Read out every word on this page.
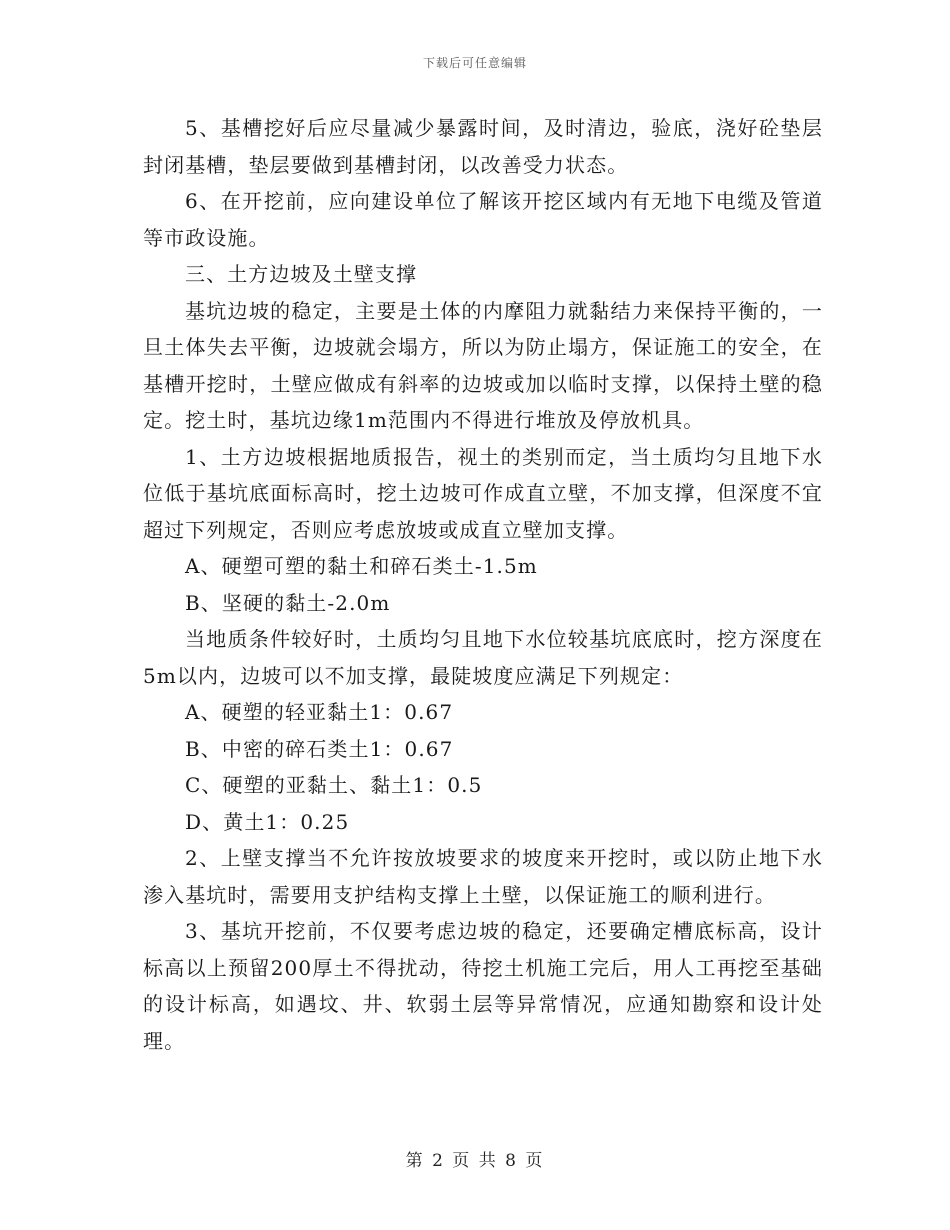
下载后可任意编辑

5、基槽挖好后应尽量减少暴露时间，及时清边，验底，浇好砼垫层封闭基槽，垫层要做到基槽封闭，以改善受力状态。

6、在开挖前，应向建设单位了解该开挖区域内有无地下电缆及管道等市政设施。

三、土方边坡及土壁支撑

基坑边坡的稳定，主要是土体的内摩阻力就黏结力来保持平衡的，一旦土体失去平衡，边坡就会塌方，所以为防止塌方，保证施工的安全，在基槽开挖时，土壁应做成有斜率的边坡或加以临时支撑，以保持土壁的稳定。挖土时，基坑边缘1m范围内不得进行堆放及停放机具。

1、土方边坡根据地质报告，视土的类别而定，当土质均匀且地下水位低于基坑底面标高时，挖土边坡可作成直立壁，不加支撑，但深度不宜超过下列规定，否则应考虑放坡或成直立壁加支撑。

A、硬塑可塑的黏土和碎石类土-1.5m

B、坚硬的黏土-2.0m

当地质条件较好时，土质均匀且地下水位较基坑底底时，挖方深度在5m以内，边坡可以不加支撑，最陡坡度应满足下列规定：

A、硬塑的轻亚黏土1：0.67

B、中密的碎石类土1：0.67

C、硬塑的亚黏土、黏土1：0.5

D、黄土1：0.25

2、上壁支撑当不允许按放坡要求的坡度来开挖时，或以防止地下水渗入基坑时，需要用支护结构支撑上土壁，以保证施工的顺利进行。

3、基坑开挖前，不仅要考虑边坡的稳定，还要确定槽底标高，设计标高以上预留200厚土不得扰动，待挖土机施工完后，用人工再挖至基础的设计标高，如遇坟、井、软弱土层等异常情况，应通知勘察和设计处理。

第 2 页 共 8 页
